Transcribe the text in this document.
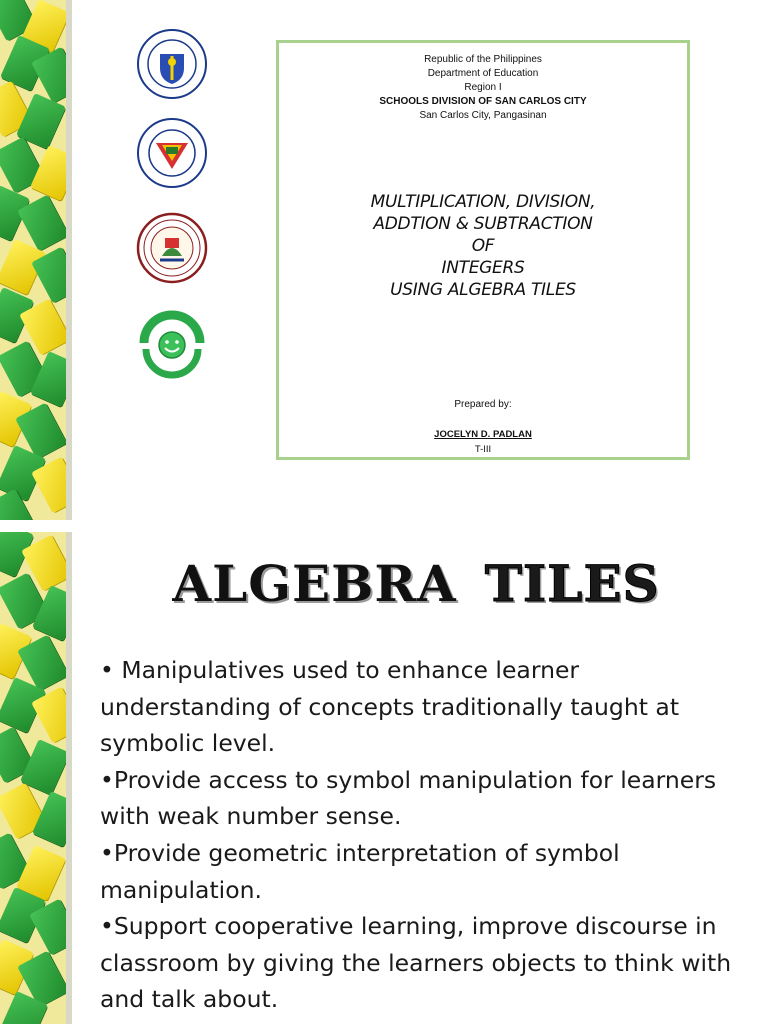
Republic of the Philippines
Department of Education
Region I
SCHOOLS DIVISION OF SAN CARLOS CITY
San Carlos City, Pangasinan
MULTIPLICATION, DIVISION,
ADDTION & SUBTRACTION
OF
INTEGERS
USING ALGEBRA TILES
Prepared by:
JOCELYN D. PADLAN
T-III
ALGEBRA TILES
• Manipulatives used to enhance learner understanding of concepts traditionally taught at symbolic level.
•Provide access to symbol manipulation for learners with weak number sense.
•Provide geometric interpretation of symbol manipulation.
•Support cooperative learning, improve discourse in classroom by giving the learners objects to think with and talk about.
